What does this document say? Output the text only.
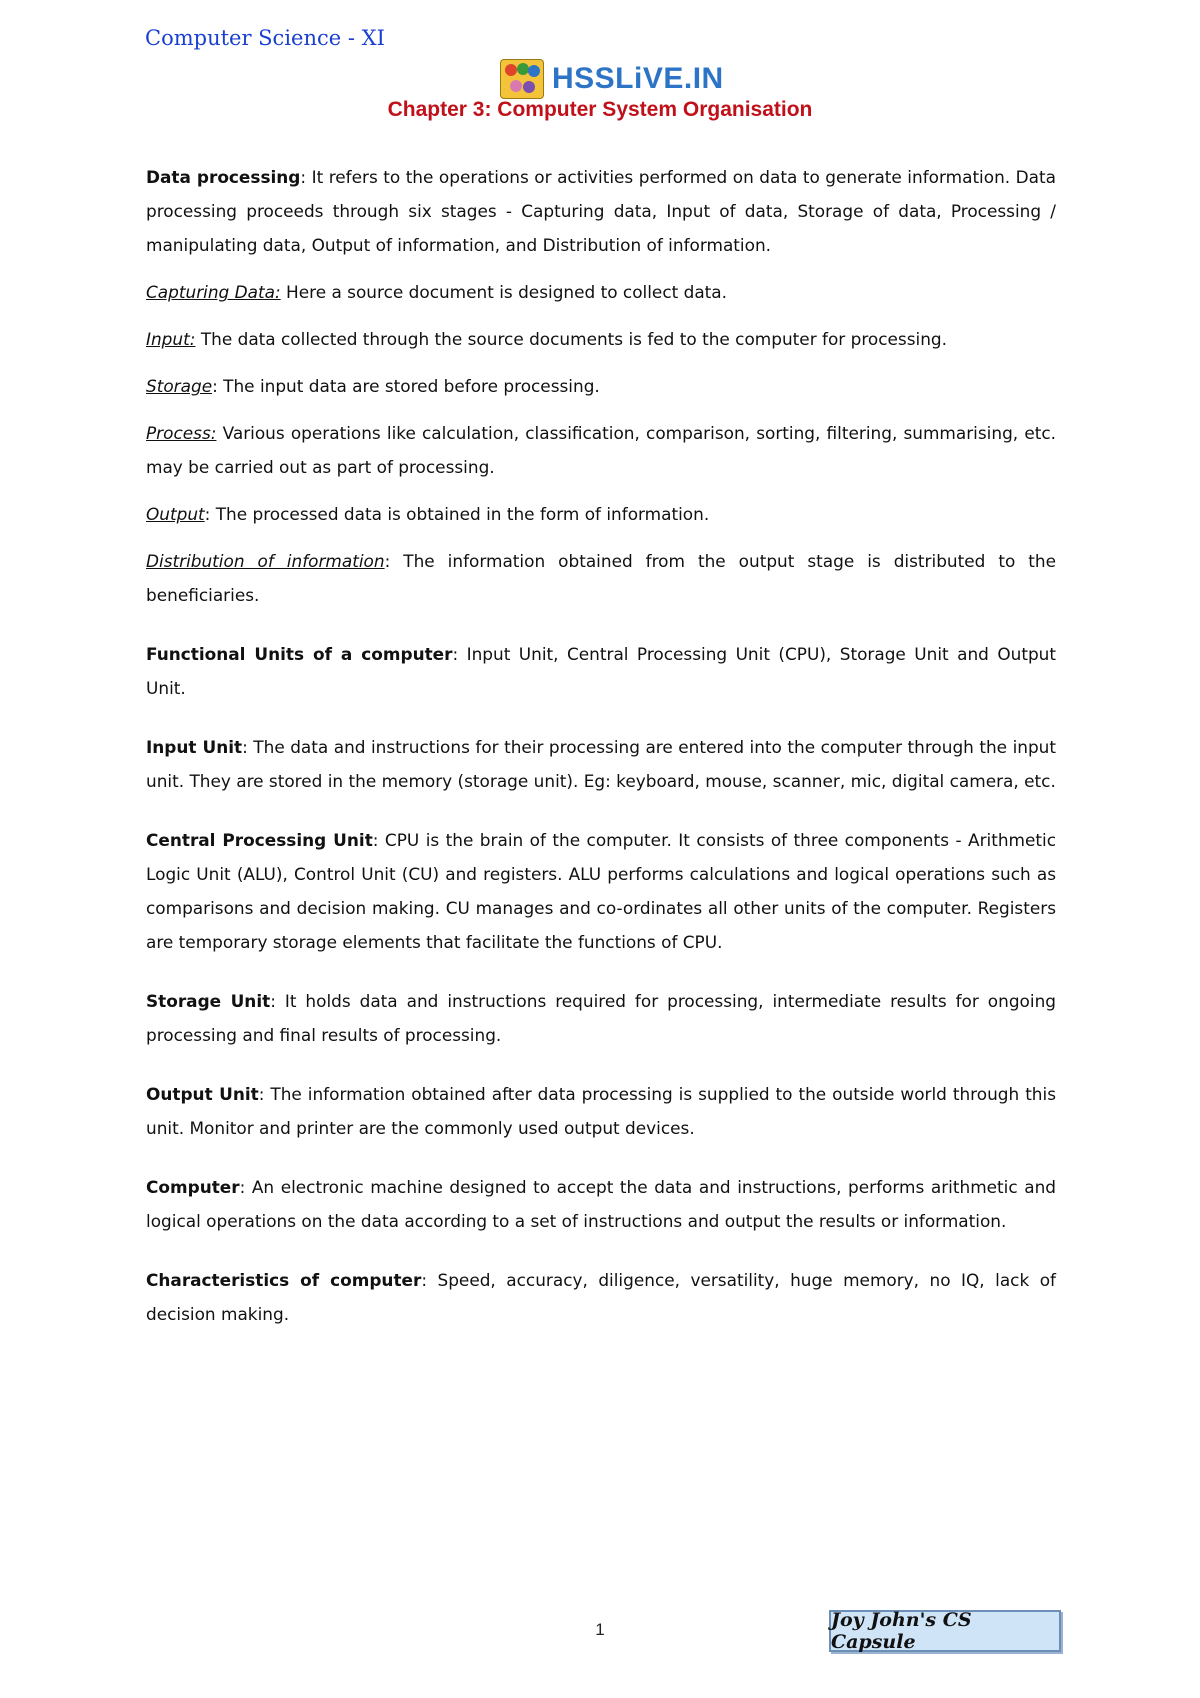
Computer Science - XI
HSSLiVE.IN
Chapter 3: Computer System Organisation

Data processing: It refers to the operations or activities performed on data to generate information. Data processing proceeds through six stages - Capturing data, Input of data, Storage of data, Processing / manipulating data, Output of information, and Distribution of information.

Capturing Data: Here a source document is designed to collect data.

Input: The data collected through the source documents is fed to the computer for processing.

Storage: The input data are stored before processing.

Process: Various operations like calculation, classification, comparison, sorting, filtering, summarising, etc. may be carried out as part of processing.

Output: The processed data is obtained in the form of information.

Distribution of information: The information obtained from the output stage is distributed to the beneficiaries.

Functional Units of a computer: Input Unit, Central Processing Unit (CPU), Storage Unit and Output Unit.

Input Unit: The data and instructions for their processing are entered into the computer through the input unit. They are stored in the memory (storage unit). Eg: keyboard, mouse, scanner, mic, digital camera, etc.

Central Processing Unit: CPU is the brain of the computer. It consists of three components - Arithmetic Logic Unit (ALU), Control Unit (CU) and registers. ALU performs calculations and logical operations such as comparisons and decision making. CU manages and co-ordinates all other units of the computer. Registers are temporary storage elements that facilitate the functions of CPU.

Storage Unit: It holds data and instructions required for processing, intermediate results for ongoing processing and final results of processing.

Output Unit: The information obtained after data processing is supplied to the outside world through this unit. Monitor and printer are the commonly used output devices.

Computer: An electronic machine designed to accept the data and instructions, performs arithmetic and logical operations on the data according to a set of instructions and output the results or information.

Characteristics of computer: Speed, accuracy, diligence, versatility, huge memory, no IQ, lack of decision making.

1	Joy John's CS Capsule
